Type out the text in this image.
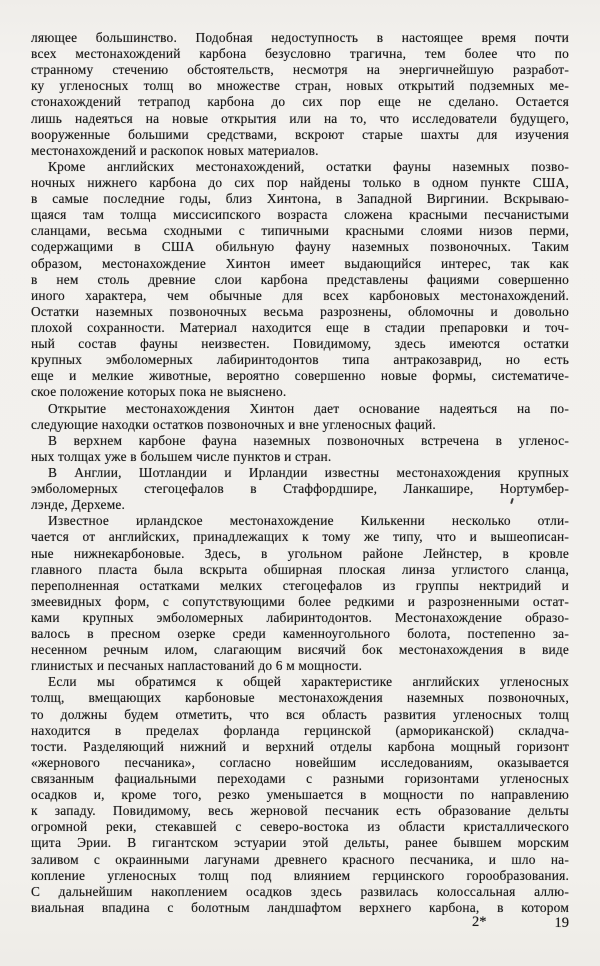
ляющее большинство. Подобная недоступность в настоящее время почти
всех местонахождений карбона безусловно трагична, тем более что по
странному стечению обстоятельств, несмотря на энергичнейшую разработ-
ку угленосных толщ во множестве стран, новых открытий подземных ме-
стонахождений тетрапод карбона до сих пор еще не сделано. Остается
лишь надеяться на новые открытия или на то, что исследователи будущего,
вооруженные большими средствами, вскроют старые шахты для изучения
местонахождений и раскопок новых материалов.
Кроме английских местонахождений, остатки фауны наземных позво-
ночных нижнего карбона до сих пор найдены только в одном пункте США,
в самые последние годы, близ Хинтона, в Западной Виргинии. Вскрываю-
щаяся там толща миссисипского возраста сложена красными песчанистыми
сланцами, весьма сходными с типичными красными слоями низов перми,
содержащими в США обильную фауну наземных позвоночных. Таким
образом, местонахождение Хинтон имеет выдающийся интерес, так как
в нем столь древние слои карбона представлены фациями совершенно
иного характера, чем обычные для всех карбоновых местонахождений.
Остатки наземных позвоночных весьма разрознены, обломочны и довольно
плохой сохранности. Материал находится еще в стадии препаровки и точ-
ный состав фауны неизвестен. Повидимому, здесь имеются остатки
крупных эмболомерных лабиринтодонтов типа антракозаврид, но есть
еще и мелкие животные, вероятно совершенно новые формы, систематиче-
ское положение которых пока не выяснено.
Открытие местонахождения Хинтон дает основание надеяться на по-
следующие находки остатков позвоночных и вне угленосных фаций.
В верхнем карбоне фауна наземных позвоночных встречена в угленос-
ных толщах уже в большем числе пунктов и стран.
В Англии, Шотландии и Ирландии известны местонахождения крупных
эмболомерных стегоцефалов в Стаффордшире, Ланкашире, Нортумбер-
лэнде, Дерхеме.
Известное ирландское местонахождение Килькенни несколько отли-
чается от английских, принадлежащих к тому же типу, что и вышеописан-
ные нижнекарбоновые. Здесь, в угольном районе Лейнстер, в кровле
главного пласта была вскрыта обширная плоская линза углистого сланца,
переполненная остатками мелких стегоцефалов из группы нектридий и
змеевидных форм, с сопутствующими более редкими и разрозненными остат-
ками крупных эмболомерных лабиринтодонтов. Местонахождение образо-
валось в пресном озерке среди каменноугольного болота, постепенно за-
несенном речным илом, слагающим висячий бок местонахождения в виде
глинистых и песчаных напластований до 6 м мощности.
Если мы обратимся к общей характеристике английских угленосных
толщ, вмещающих карбоновые местонахождения наземных позвоночных,
то должны будем отметить, что вся область развития угленосных толщ
находится в пределах форланда герцинской (армориканской) складча-
тости. Разделяющий нижний и верхний отделы карбона мощный горизонт
«жернового песчаника», согласно новейшим исследованиям, оказывается
связанным фациальными переходами с разными горизонтами угленосных
осадков и, кроме того, резко уменьшается в мощности по направлению
к западу. Повидимому, весь жерновой песчаник есть образование дельты
огромной реки, стекавшей с северо-востока из области кристаллического
щита Эрии. В гигантском эстуарии этой дельты, ранее бывшем морским
заливом с окраинными лагунами древнего красного песчаника, и шло на-
копление угленосных толщ под влиянием герцинского горообразования.
С дальнейшим накоплением осадков здесь развилась колоссальная аллю-
виальная впадина с болотным ландшафтом верхнего карбона, в котором
2*	19
